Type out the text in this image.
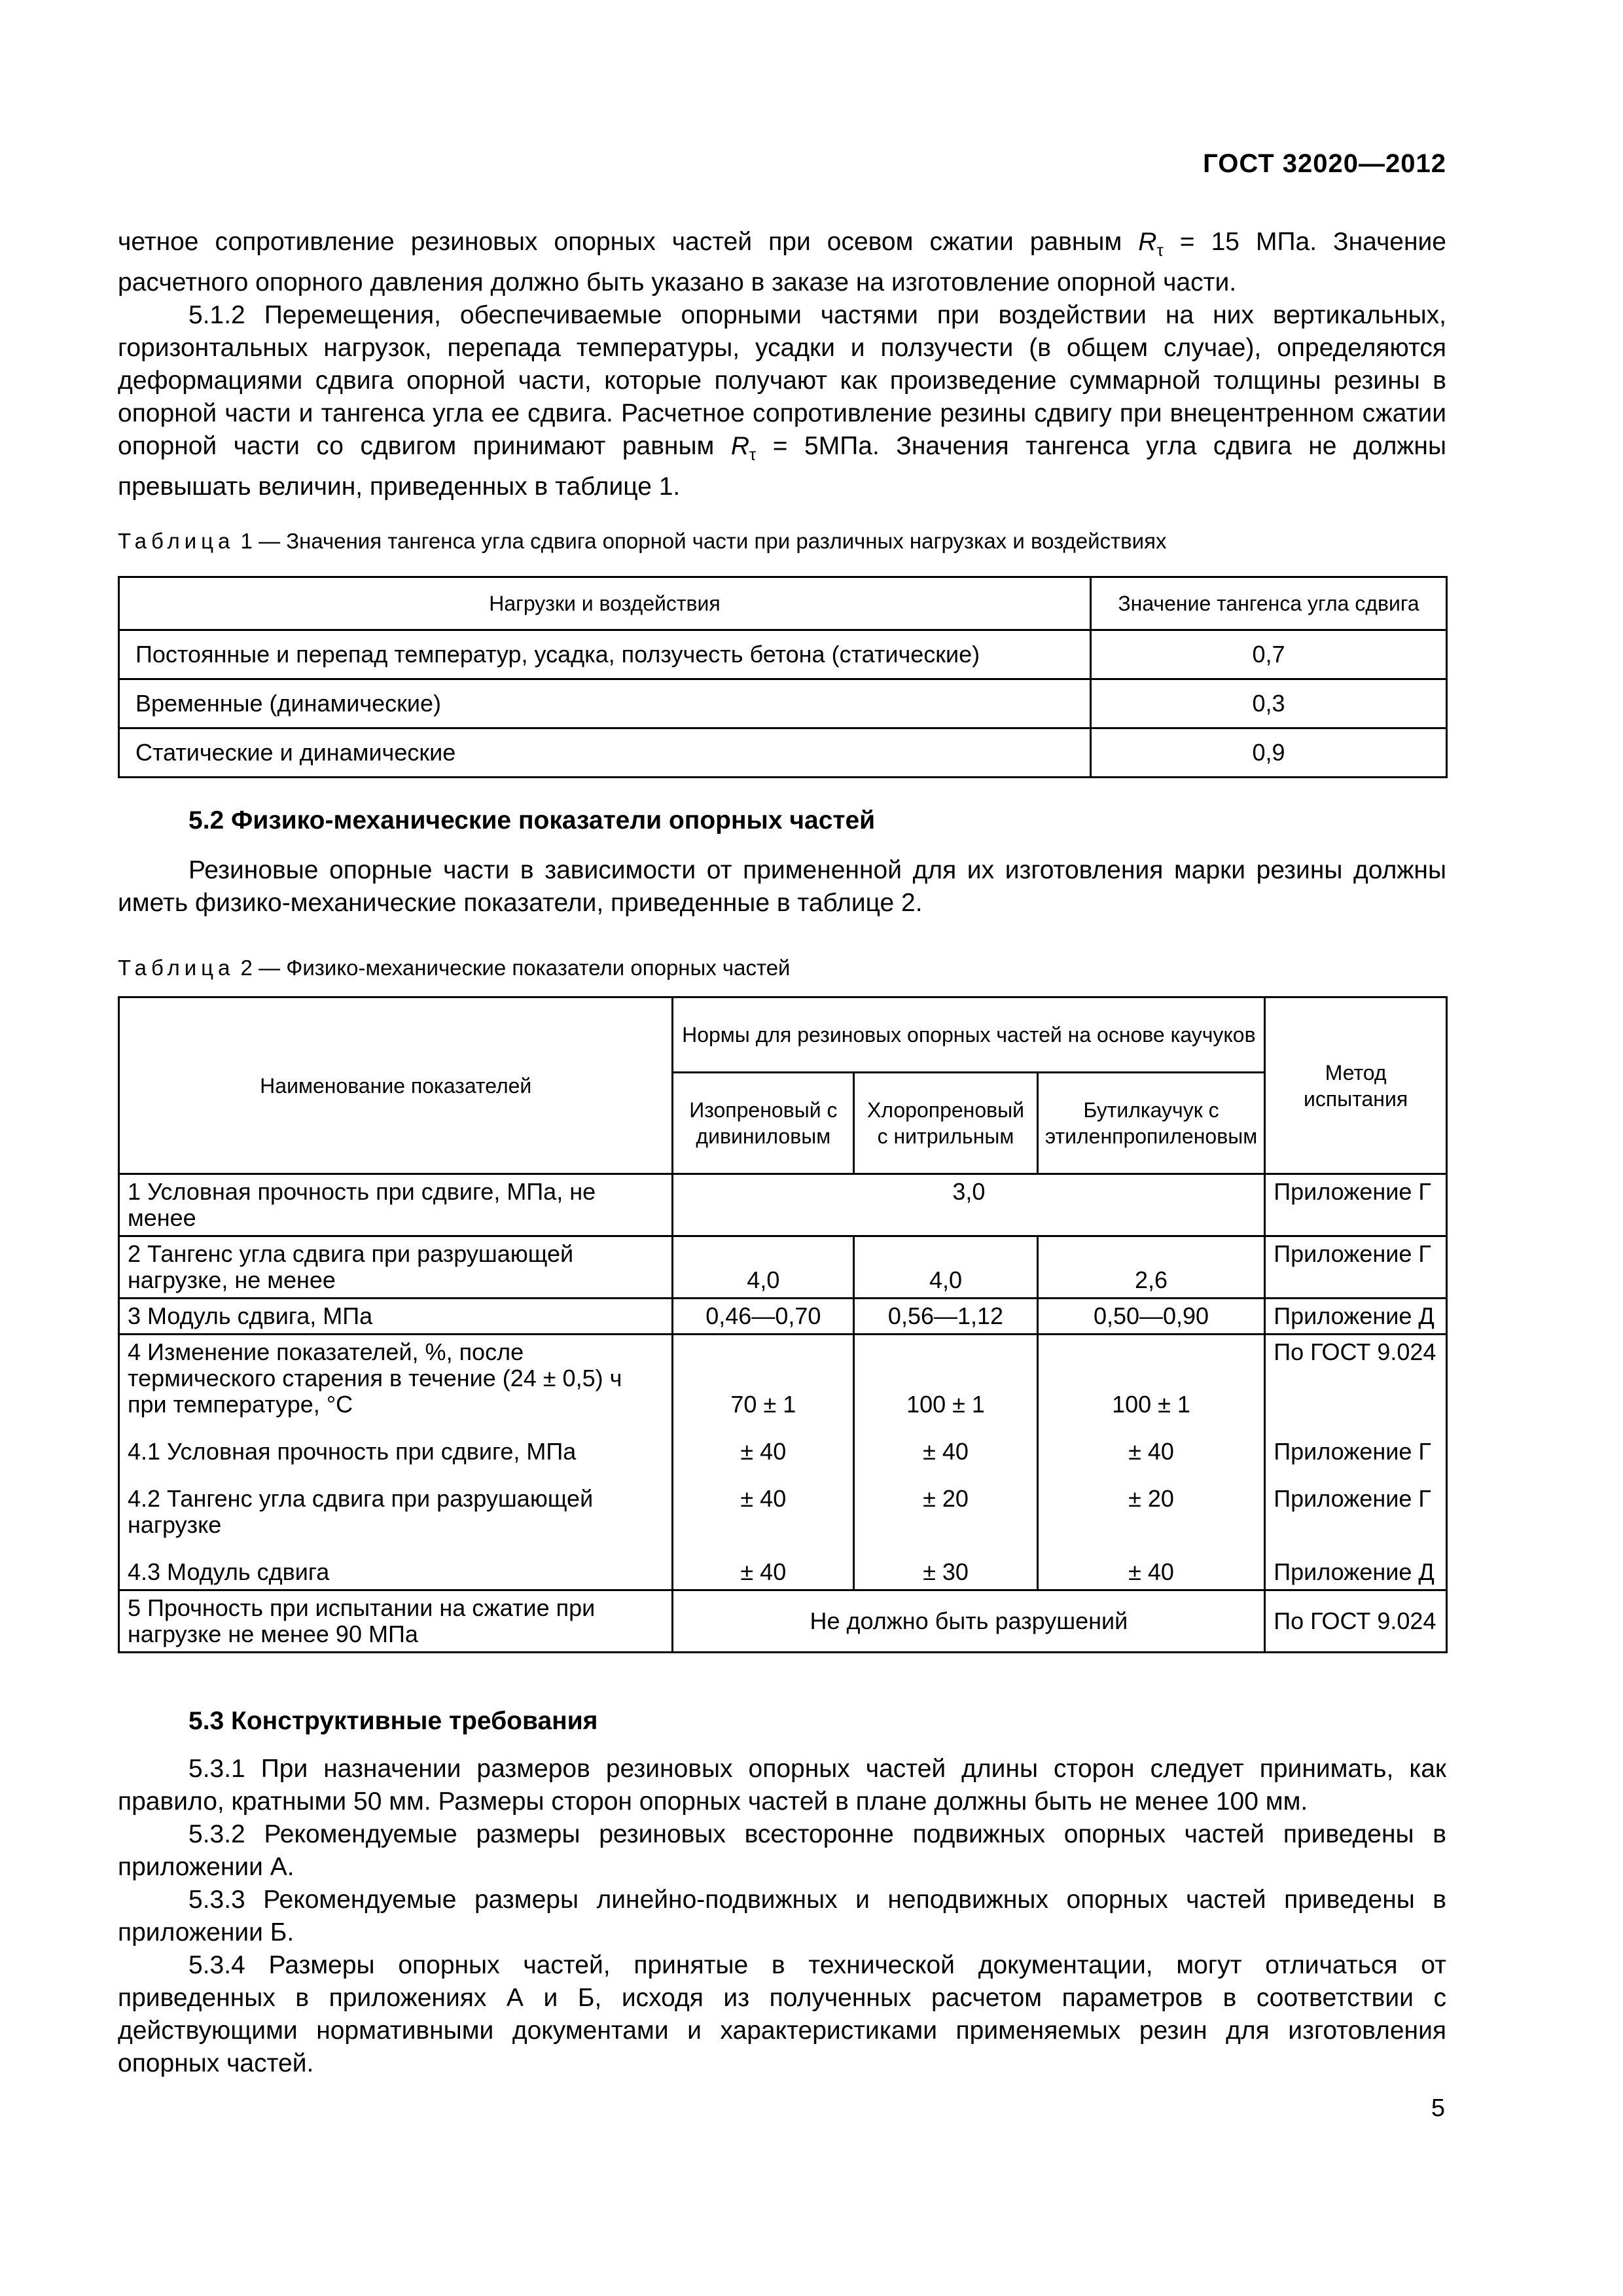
ГОСТ 32020—2012

четное сопротивление резиновых опорных частей при осевом сжатии равным $R_\tau = 15$ МПа. Значение расчетного опорного давления должно быть указано в заказе на изготовление опорной части.

5.1.2 Перемещения, обеспечиваемые опорными частями при воздействии на них вертикальных, горизонтальных нагрузок, перепада температуры, усадки и ползучести (в общем случае), определяются деформациями сдвига опорной части, которые получают как произведение суммарной толщины резины в опорной части и тангенса угла ее сдвига. Расчетное сопротивление резины сдвигу при внецентренном сжатии опорной части со сдвигом принимают равным $R_\tau = 5МПа$. Значения тангенса угла сдвига не должны превышать величин, приведенных в таблице 1.

Таблица 1 — Значения тангенса угла сдвига опорной части при различных нагрузках и воздействиях
Нагрузки и воздействия	Значение тангенса угла сдвига
Постоянные и перепад температур, усадка, ползучесть бетона (статические)	0,7
Временные (динамические)	0,3
Статические и динамические	0,9
5.2 Физико-механические показатели опорных частей

Резиновые опорные части в зависимости от примененной для их изготовления марки резины должны иметь физико-механические показатели, приведенные в таблице 2.

Таблица 2 — Физико-механические показатели опорных частей
Наименование показателей	Нормы для резиновых опорных частей на основе каучуков			Метод испытания
	Изопреновый с дивиниловым	Хлоропреновый с нитрильным	Бутилкаучук с этиленпропиленовым	
1 Условная прочность при сдвиге, МПа, не менее	3,0			Приложение Г
2 Тангенс угла сдвига при разрушающей нагрузке, не менее	4,0	4,0	2,6	Приложение Г
3 Модуль сдвига, МПа	0,46—0,70	0,56—1,12	0,50—0,90	Приложение Д
4 Изменение показателей, %, после термического старения в течение (24 ± 0,5) ч при температуре, °С	70 ± 1	100 ± 1	100 ± 1	По ГОСТ 9.024
4.1 Условная прочность при сдвиге, МПа	± 40	± 40	± 40	Приложение Г
4.2 Тангенс угла сдвига при разрушающей нагрузке	± 40	± 20	± 20	Приложение Г
4.3 Модуль сдвига	± 40	± 30	± 40	Приложение Д
5 Прочность при испытании на сжатие при нагрузке не менее 90 МПа	Не должно быть разрушений			По ГОСТ 9.024
5.3 Конструктивные требования

5.3.1 При назначении размеров резиновых опорных частей длины сторон следует принимать, как правило, кратными 50 мм. Размеры сторон опорных частей в плане должны быть не менее 100 мм.

5.3.2 Рекомендуемые размеры резиновых всесторонне подвижных опорных частей приведены в приложении А.

5.3.3 Рекомендуемые размеры линейно-подвижных и неподвижных опорных частей приведены в приложении Б.

5.3.4 Размеры опорных частей, принятые в технической документации, могут отличаться от приведенных в приложениях А и Б, исходя из полученных расчетом параметров в соответствии с действующими нормативными документами и характеристиками применяемых резин для изготовления опорных частей.

5
